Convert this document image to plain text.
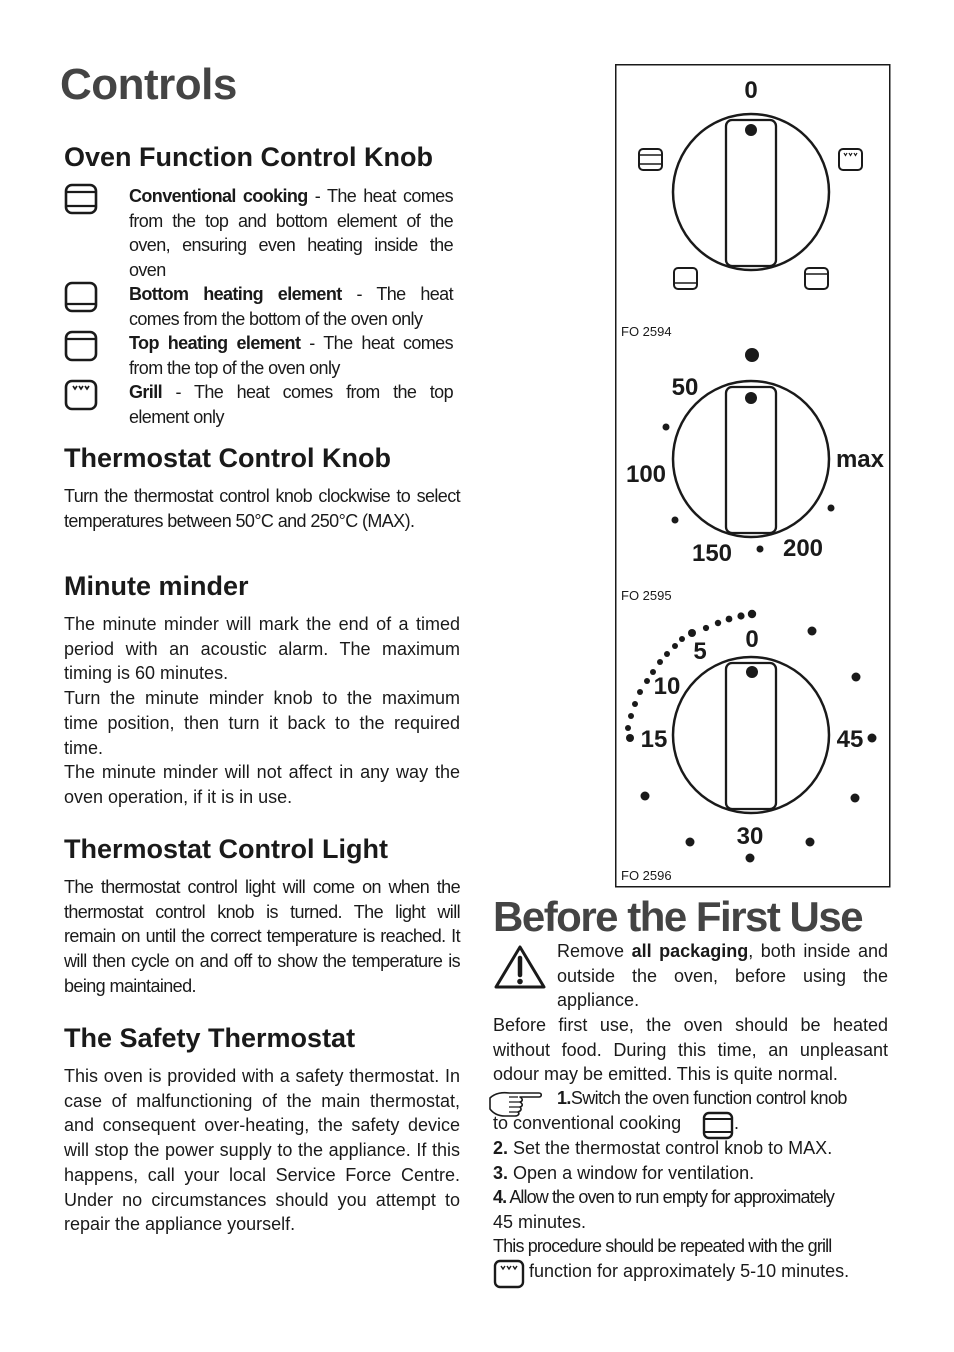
Controls
Oven Function Control Knob
Conventional cooking - The heat comes from the top and bottom element of the oven, ensuring even heating inside the oven
Bottom heating element - The heat comes from the bottom of the oven only
Top heating element - The heat comes from the top of the oven only
Grill - The heat comes from the top element only
Thermostat Control Knob
Turn the thermostat control knob clockwise to select temperatures between 50°C and 250°C (MAX).
Minute minder
The minute minder will mark the end of a timed period with an acoustic alarm. The maximum timing is 60 minutes.
Turn the minute minder knob to the maximum time position, then turn it back to the required time.
The minute minder will not affect in any way the oven operation, if it is in use.
Thermostat Control Light
The thermostat control light will come on when the thermostat control knob is turned. The light will remain on until the correct temperature is reached. It will then cycle on and off to show the temperature is being maintained.
The Safety Thermostat
This oven is provided with a safety thermostat. In case of malfunctioning of the main thermostat, and consequent over-heating, the safety device will stop the power supply to the appliance. If this happens, call your local Service Force Centre. Under no circumstances should you attempt to repair the appliance yourself.
0
FO 2594
50
100
150 200
max
FO 2595
0
5
10
15
30
45
FO 2596
Before the First Use
Remove all packaging, both inside and outside the oven, before using the appliance.
Before first use, the oven should be heated without food. During this time, an unpleasant odour may be emitted. This is quite normal.
1.Switch the oven function control knob
to conventional cooking	.
2. Set the thermostat control knob to MAX.
3. Open a window for ventilation.
4. Allow the oven to run empty for approximately
45 minutes.
This procedure should be repeated with the grill
function for approximately 5-10 minutes.
